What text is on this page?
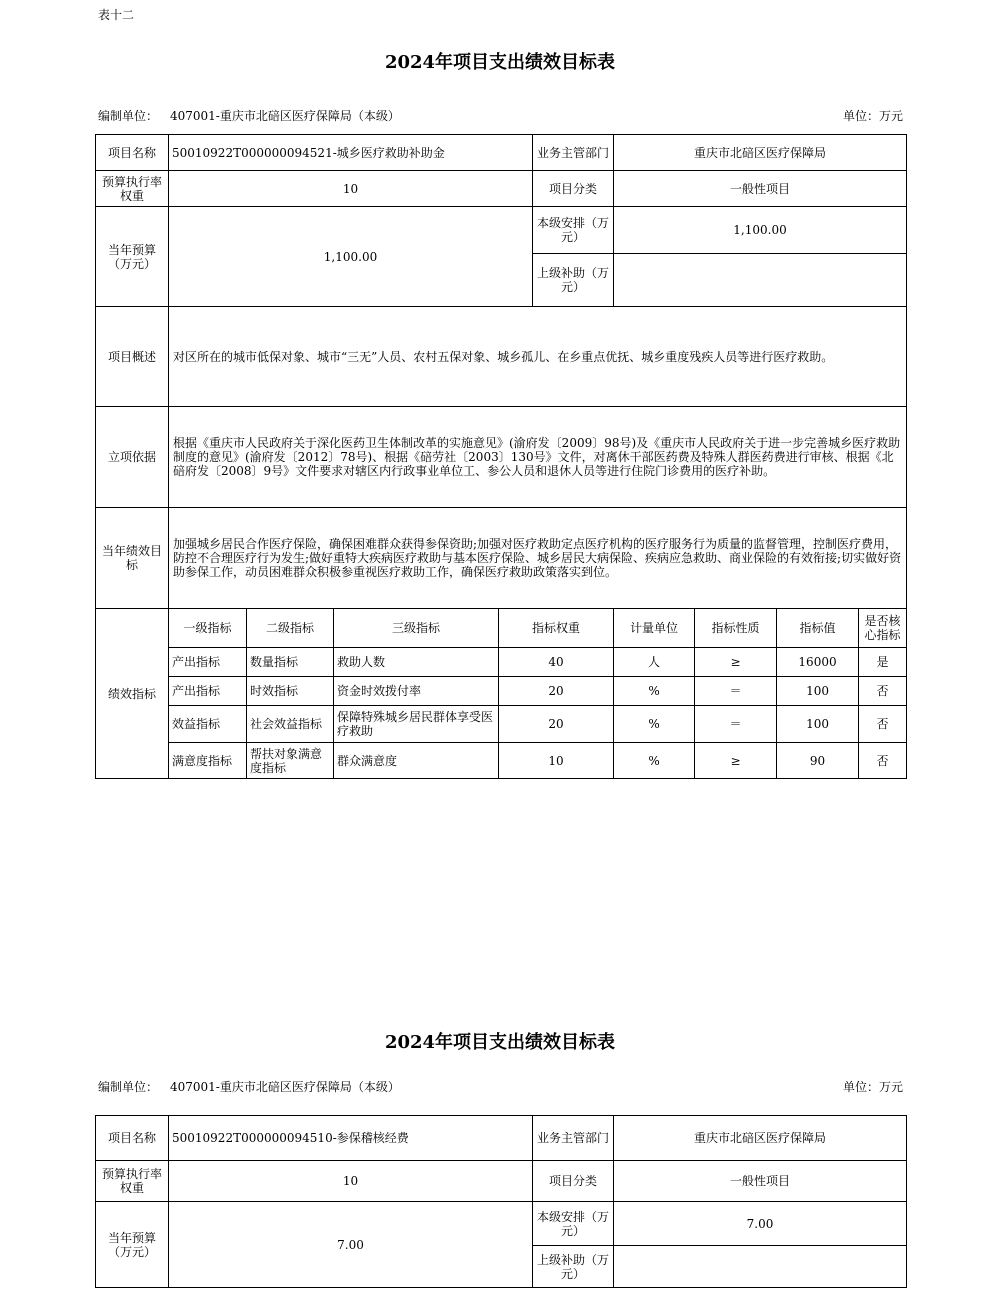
表十二
2024年项目支出绩效目标表
编制单位： 407001-重庆市北碚区医疗保障局（本级）	单位：万元
项目名称	50010922T000000094521-城乡医疗救助补助金				业务主管部门	重庆市北碚区医疗保障局			
预算执行率权重	10				项目分类	一般性项目			
当年预算（万元）	1,100.00				本级安排（万元）	1,100.00			
					上级补助（万元）				
项目概述	对区所在的城市低保对象、城市“三无”人员、农村五保对象、城乡孤儿、在乡重点优抚、城乡重度残疾人员等进行医疗救助。								
立项依据	根据《重庆市人民政府关于深化医药卫生体制改革的实施意见》(渝府发〔2009〕98号)及《重庆市人民政府关于进一步完善城乡医疗救助制度的意见》(渝府发〔2012〕78号)、根据《碚劳社〔2003〕130号》文件，对离休干部医药费及特殊人群医药费进行审核、根据《北碚府发〔2008〕9号》文件要求对辖区内行政事业单位工、参公人员和退休人员等进行住院门诊费用的医疗补助。								
当年绩效目标	加强城乡居民合作医疗保险，确保困难群众获得参保资助;加强对医疗救助定点医疗机构的医疗服务行为质量的监督管理，控制医疗费用，防控不合理医疗行为发生;做好重特大疾病医疗救助与基本医疗保险、城乡居民大病保险、疾病应急救助、商业保险的有效衔接;切实做好资助参保工作，动员困难群众积极参重视医疗救助工作，确保医疗救助政策落实到位。								
绩效指标	一级指标	二级指标	三级指标	指标权重		计量单位	指标性质	指标值	是否核心指标
	产出指标	数量指标	救助人数	40		人	≥	16000	是
	产出指标	时效指标	资金时效拨付率	20		%	＝	100	否
	效益指标	社会效益指标	保障特殊城乡居民群体享受医疗救助	20		%	＝	100	否
	满意度指标	帮扶对象满意度指标	群众满意度	10		%	≥	90	否
2024年项目支出绩效目标表
编制单位： 407001-重庆市北碚区医疗保障局（本级）	单位：万元
项目名称	50010922T000000094510-参保稽核经费	业务主管部门	重庆市北碚区医疗保障局
预算执行率权重	10	项目分类	一般性项目
当年预算（万元）	7.00	本级安排（万元）	7.00
		上级补助（万元）	
